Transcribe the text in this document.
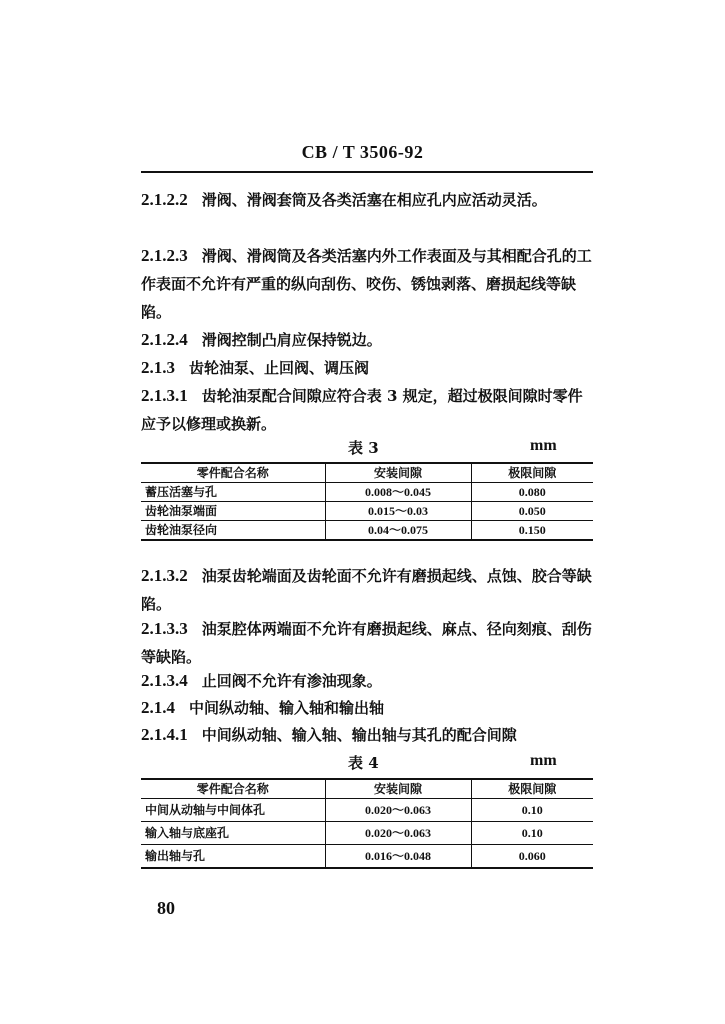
CB / T 3506-92
2.1.2.2 滑阀、滑阀套筒及各类活塞在相应孔内应活动灵活。
2.1.2.3 滑阀、滑阀筒及各类活塞内外工作表面及与其相配合孔的工作表面不允许有严重的纵向刮伤、咬伤、锈蚀剥落、磨损起线等缺陷。
2.1.2.4 滑阀控制凸肩应保持锐边。
2.1.3 齿轮油泵、止回阀、调压阀
2.1.3.1 齿轮油泵配合间隙应符合表 3 规定，超过极限间隙时零件应予以修理或换新。
表 3	mm
零件配合名称	安装间隙	极限间隙
蓄压活塞与孔	0.008～0.045	0.080
齿轮油泵端面	0.015～0.03	0.050
齿轮油泵径向	0.04～0.075	0.150
2.1.3.2 油泵齿轮端面及齿轮面不允许有磨损起线、点蚀、胶合等缺陷。
2.1.3.3 油泵腔体两端面不允许有磨损起线、麻点、径向刻痕、刮伤等缺陷。
2.1.3.4 止回阀不允许有渗油现象。
2.1.4 中间纵动轴、输入轴和输出轴
2.1.4.1 中间纵动轴、输入轴、输出轴与其孔的配合间隙
表 4	mm
零件配合名称	安装间隙	极限间隙
中间从动轴与中间体孔	0.020～0.063	0.10
输入轴与底座孔	0.020～0.063	0.10
输出轴与孔	0.016～0.048	0.060
80
